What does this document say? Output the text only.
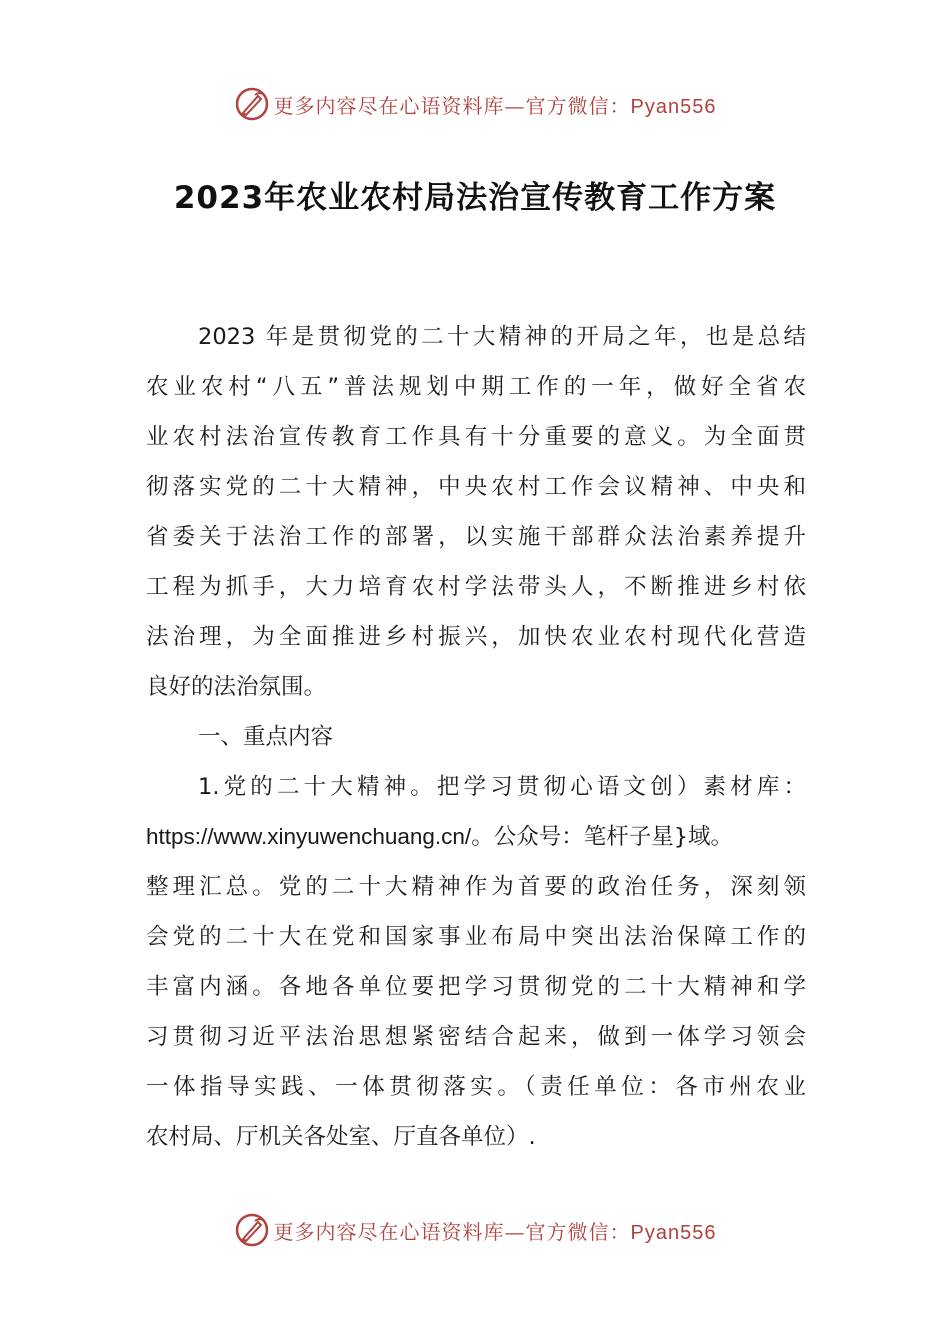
更多内容尽在心语资料库—官方微信：Pyan556
2023年农业农村局法治宣传教育工作方案
2023 年是贯彻党的二十大精神的开局之年，也是总结
农业农村“八五”普法规划中期工作的一年，做好全省农
业农村法治宣传教育工作具有十分重要的意义。为全面贯
彻落实党的二十大精神，中央农村工作会议精神、中央和
省委关于法治工作的部署，以实施干部群众法治素养提升
工程为抓手，大力培育农村学法带头人，不断推进乡村依
法治理，为全面推进乡村振兴，加快农业农村现代化营造
良好的法治氛围。
一、重点内容
1.党的二十大精神。把学习贯彻心语文创）素材库：
https://www.xinyuwenchuang.cn/。公众号：笔杆子星}域。
整理汇总。党的二十大精神作为首要的政治任务，深刻领
会党的二十大在党和国家事业布局中突出法治保障工作的
丰富内涵。各地各单位要把学习贯彻党的二十大精神和学
习贯彻习近平法治思想紧密结合起来，做到一体学习领会
一体指导实践、一体贯彻落实。（责任单位：各市州农业
农村局、厅机关各处室、厅直各单位）.
更多内容尽在心语资料库—官方微信：Pyan556
